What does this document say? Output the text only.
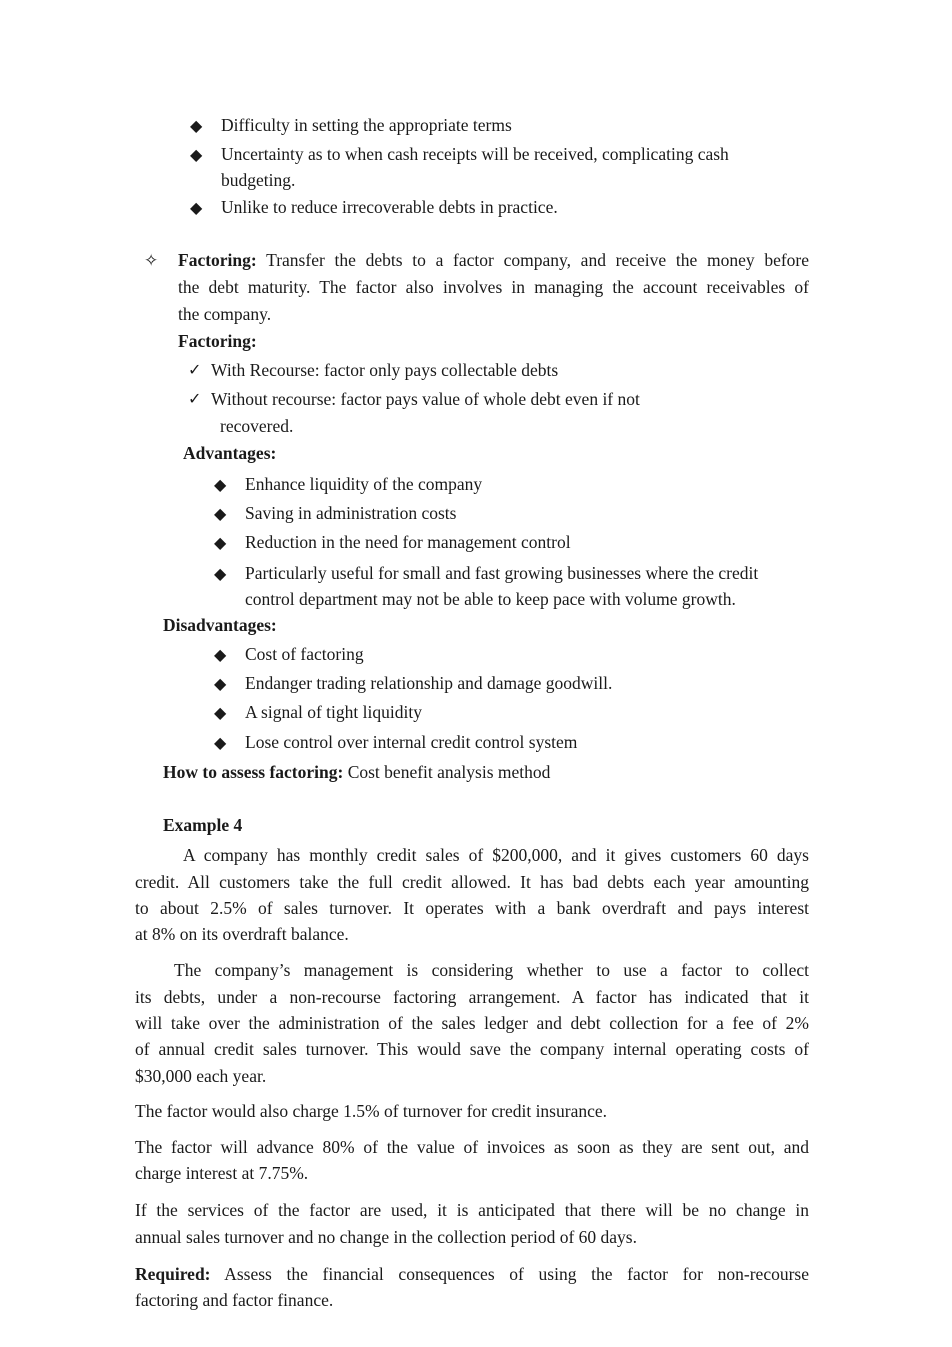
◆ Difficulty in setting the appropriate terms
◆ Uncertainty as to when cash receipts will be received, complicating cash
budgeting.
◆ Unlike to reduce irrecoverable debts in practice.
✧ Factoring: Transfer the debts to a factor company, and receive the money before
the debt maturity. The factor also involves in managing the account receivables of
the company.
Factoring:
✓ With Recourse: factor only pays collectable debts
✓ Without recourse: factor pays value of whole debt even if not
recovered.
Advantages:
◆ Enhance liquidity of the company
◆ Saving in administration costs
◆ Reduction in the need for management control
◆ Particularly useful for small and fast growing businesses where the credit
control department may not be able to keep pace with volume growth.
Disadvantages:
◆ Cost of factoring
◆ Endanger trading relationship and damage goodwill.
◆ A signal of tight liquidity
◆ Lose control over internal credit control system
How to assess factoring: Cost benefit analysis method
Example 4
A company has monthly credit sales of $200,000, and it gives customers 60 days
credit. All customers take the full credit allowed. It has bad debts each year amounting
to about 2.5% of sales turnover. It operates with a bank overdraft and pays interest
at 8% on its overdraft balance.
The company’s management is considering whether to use a factor to collect
its debts, under a non-recourse factoring arrangement. A factor has indicated that it
will take over the administration of the sales ledger and debt collection for a fee of 2%
of annual credit sales turnover. This would save the company internal operating costs of
$30,000 each year.
The factor would also charge 1.5% of turnover for credit insurance.
The factor will advance 80% of the value of invoices as soon as they are sent out, and
charge interest at 7.75%.
If the services of the factor are used, it is anticipated that there will be no change in
annual sales turnover and no change in the collection period of 60 days.
Required: Assess the financial consequences of using the factor for non-recourse
factoring and factor finance.
